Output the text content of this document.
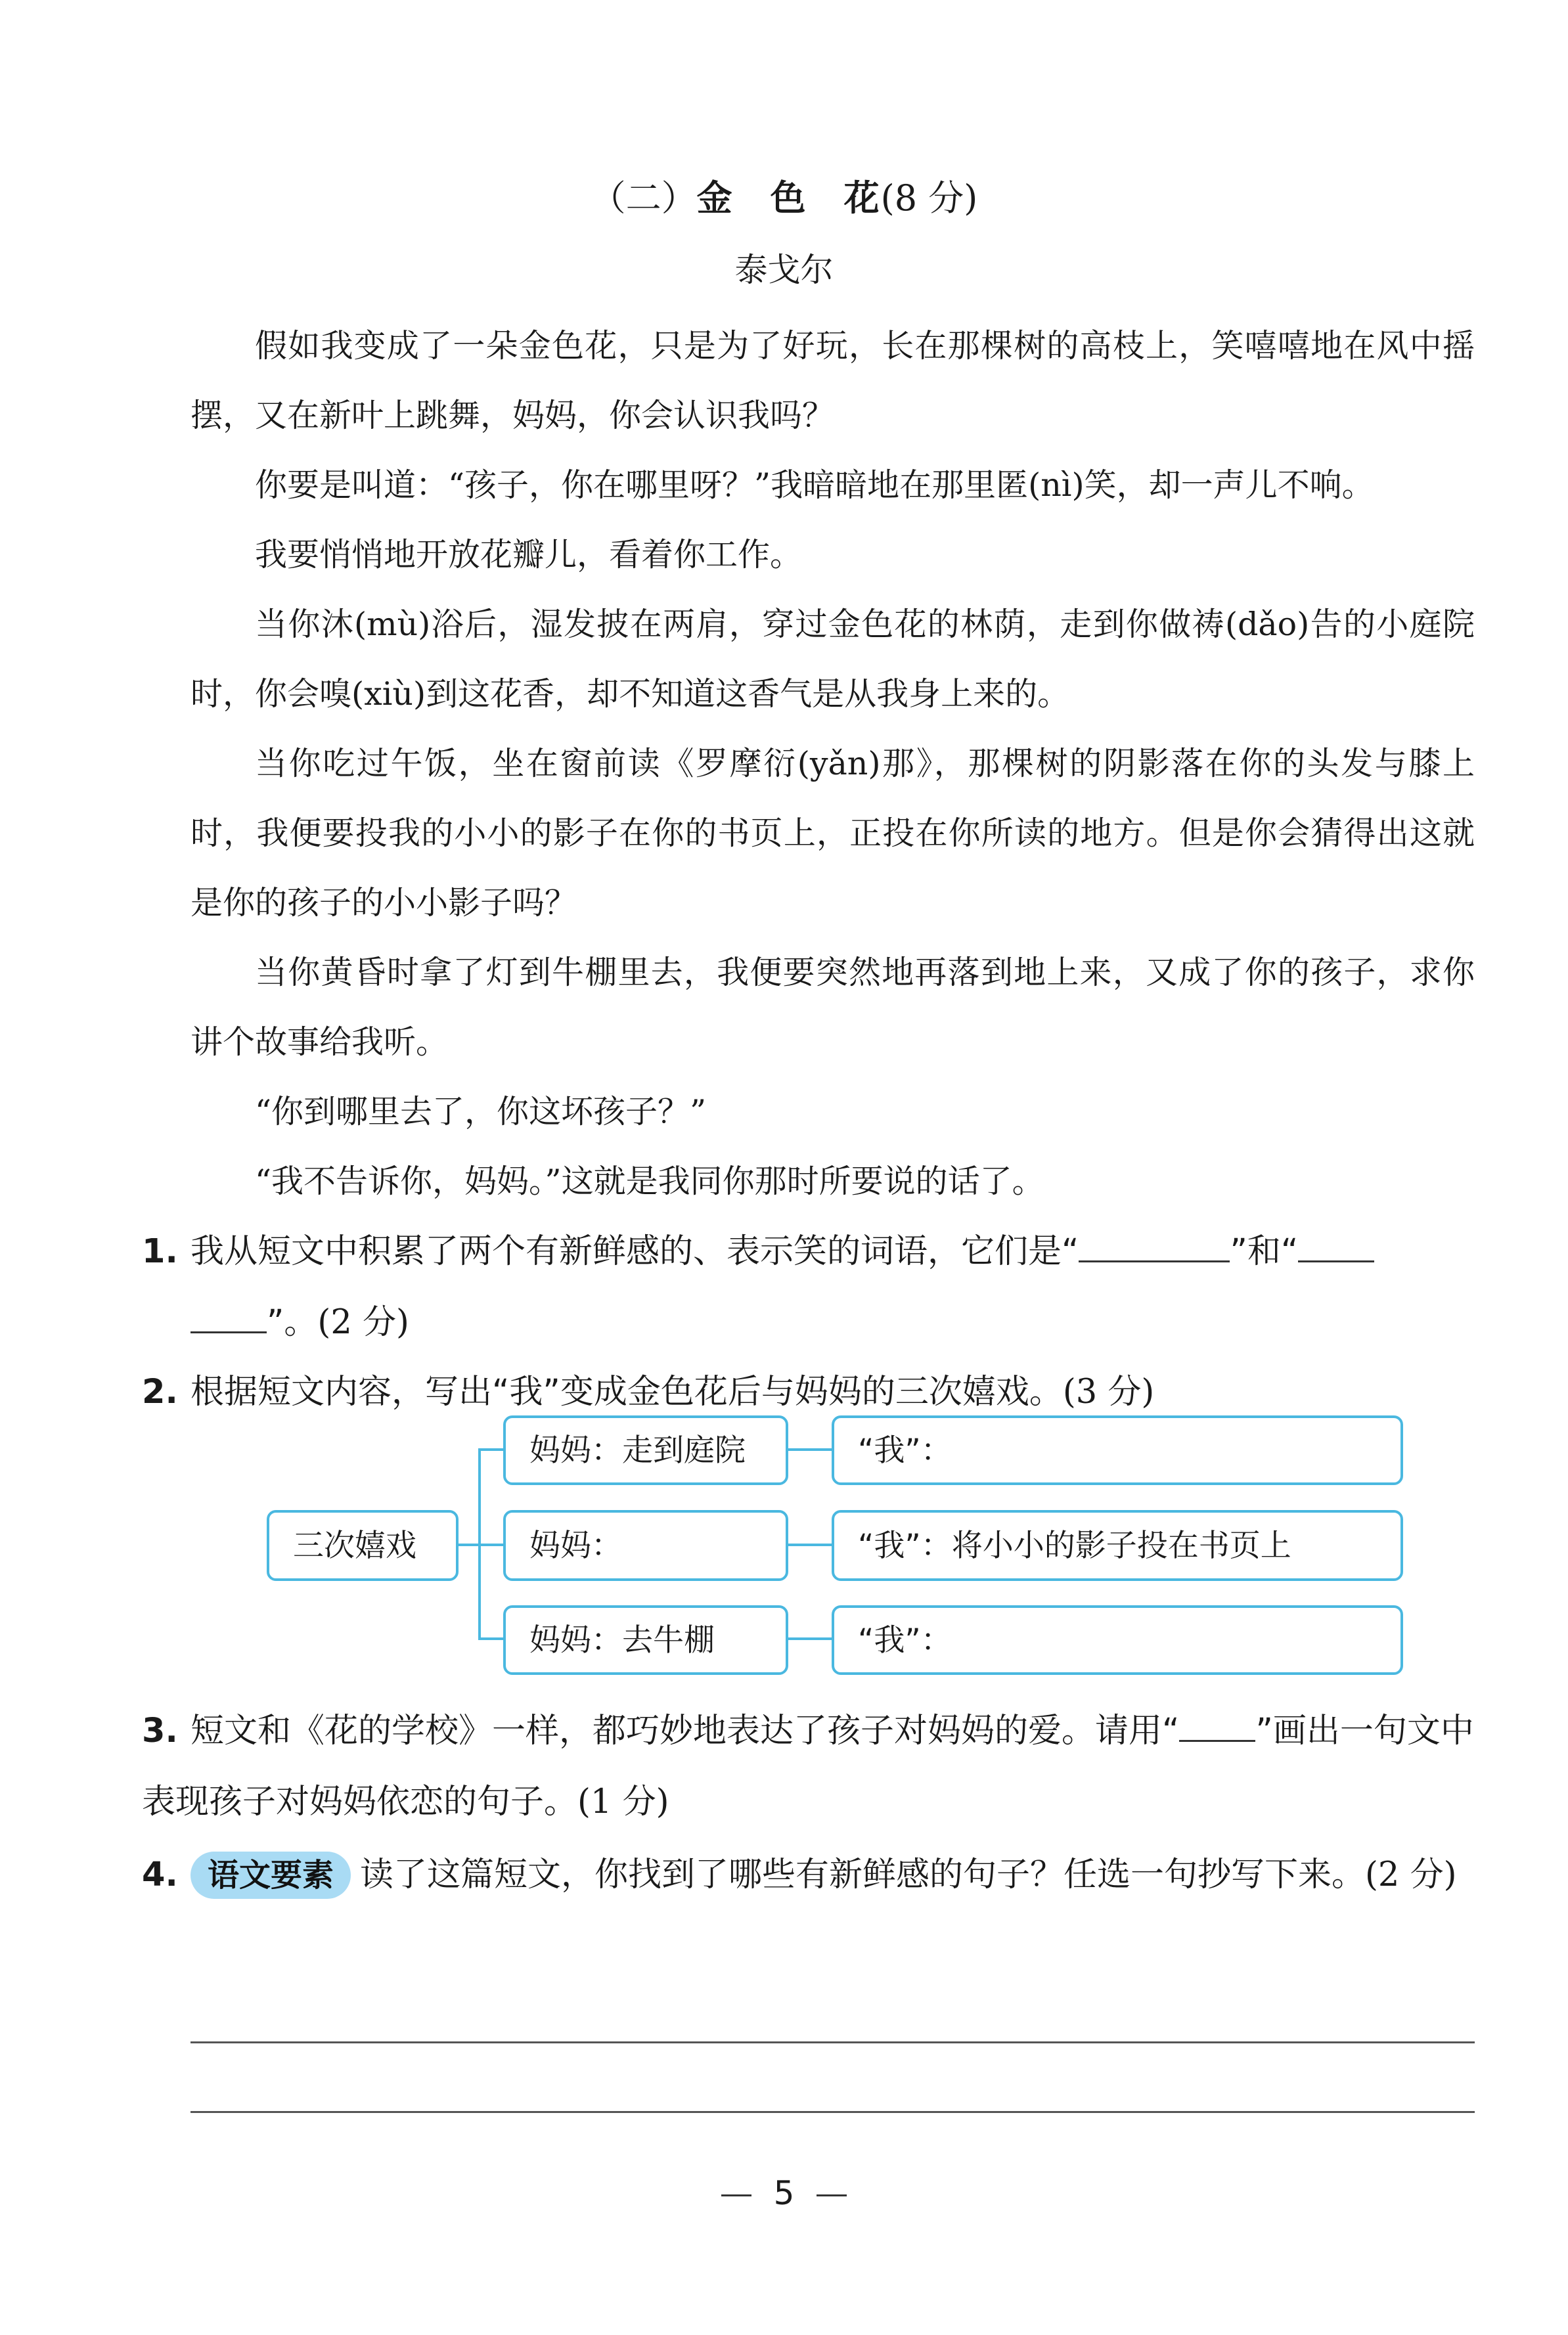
（二）金　色　花(8 分)
泰戈尔
假如我变成了一朵金色花，只是为了好玩，长在那棵树的高枝上，笑嘻嘻地在风中摇摆，又在新叶上跳舞，妈妈，你会认识我吗？
你要是叫道：“孩子，你在哪里呀？”我暗暗地在那里匿(nì)笑，却一声儿不响。
我要悄悄地开放花瓣儿，看着你工作。
当你沐(mù)浴后，湿发披在两肩，穿过金色花的林荫，走到你做祷(dǎo)告的小庭院时，你会嗅(xiù)到这花香，却不知道这香气是从我身上来的。
当你吃过午饭，坐在窗前读《罗摩衍(yǎn)那》，那棵树的阴影落在你的头发与膝上时，我便要投我的小小的影子在你的书页上，正投在你所读的地方。但是你会猜得出这就是你的孩子的小小影子吗？
当你黄昏时拿了灯到牛棚里去，我便要突然地再落到地上来，又成了你的孩子，求你讲个故事给我听。
“你到哪里去了，你这坏孩子？”
“我不告诉你，妈妈。”这就是我同你那时所要说的话了。
1. 我从短文中积累了两个有新鲜感的、表示笑的词语，它们是“	”和“
”。(2 分)
2. 根据短文内容，写出“我”变成金色花后与妈妈的三次嬉戏。(3 分)
三次嬉戏
妈妈：走到庭院
妈妈：
妈妈：去牛棚
“我”：
“我”：将小小的影子投在书页上
“我”：
3. 短文和《花的学校》一样，都巧妙地表达了孩子对妈妈的爱。请用“ ”画出一句文中表现孩子对妈妈依恋的句子。(1 分)
4. 语文要素 读了这篇短文，你找到了哪些有新鲜感的句子？任选一句抄写下来。(2 分)
5
